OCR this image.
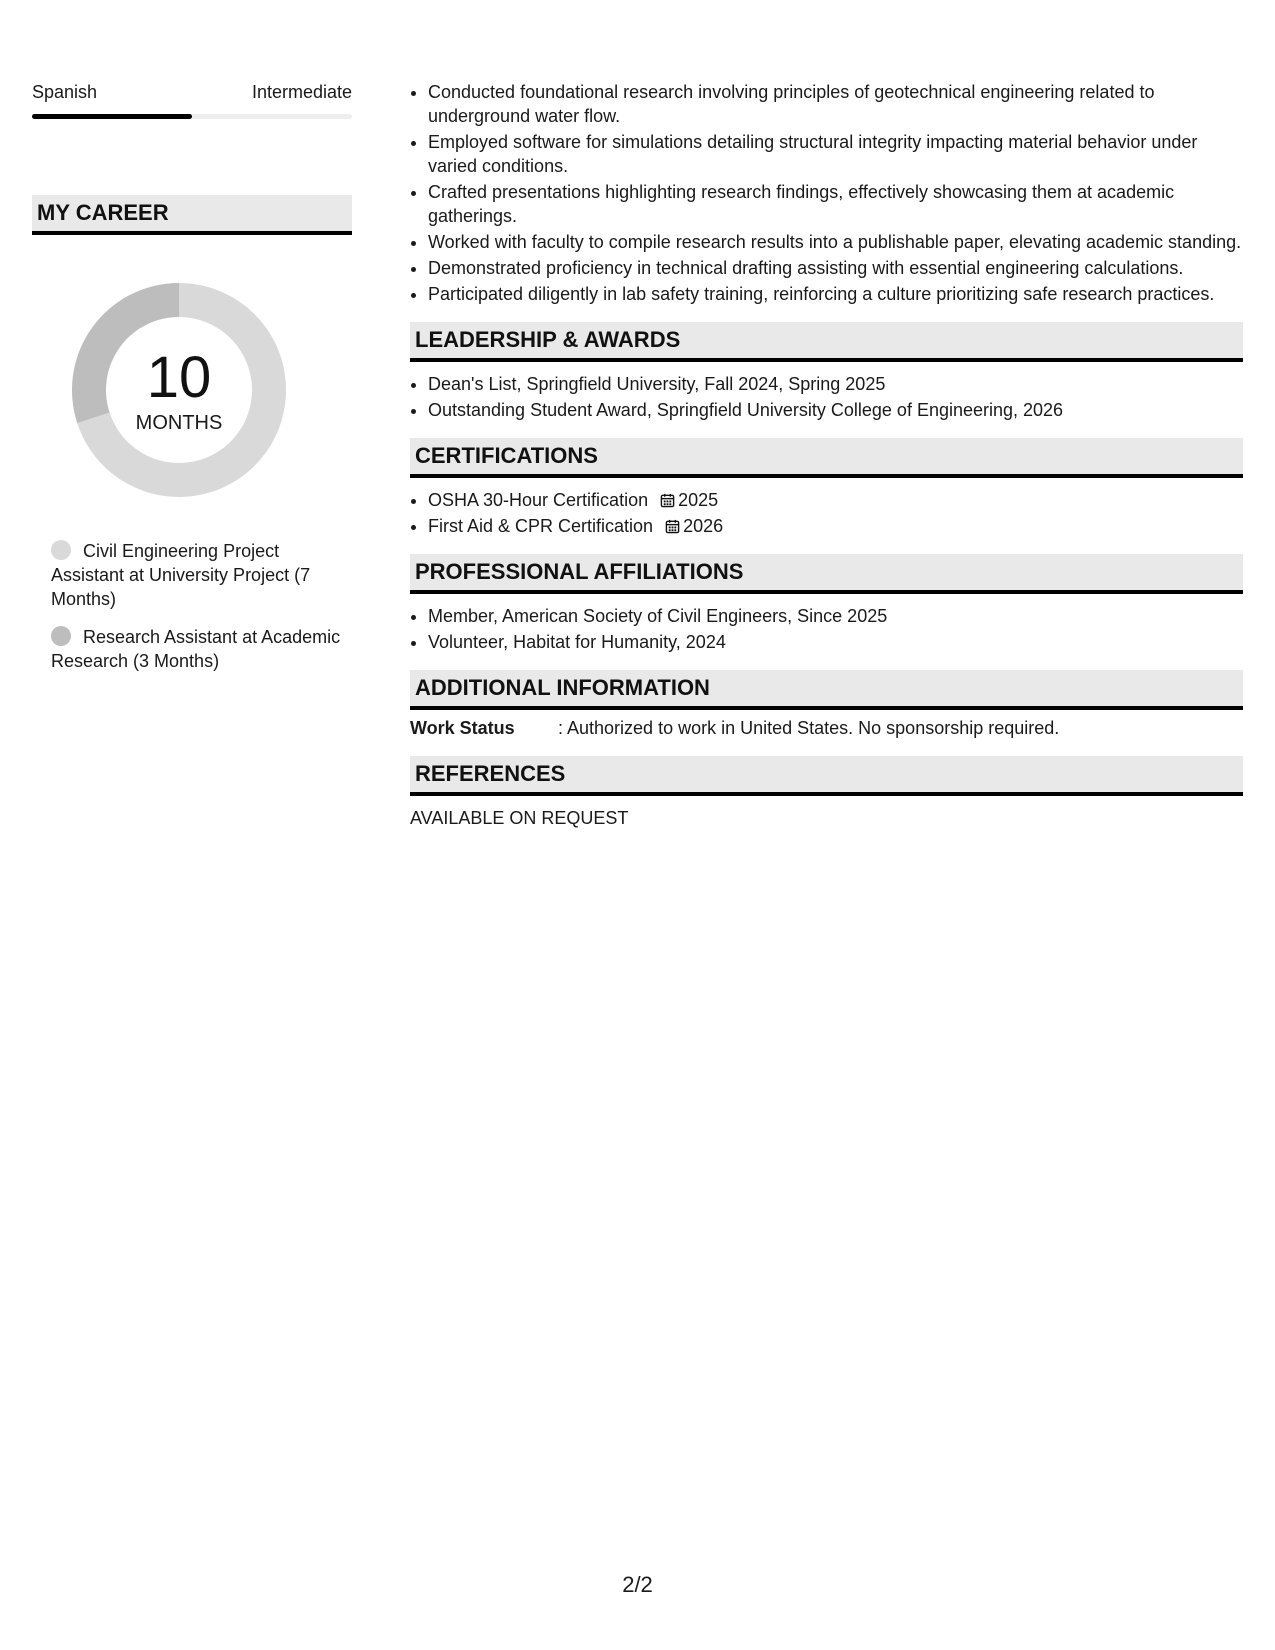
Spanish	Intermediate
MY CAREER
10
MONTHS
Civil Engineering Project Assistant at University Project (7 Months)
Research Assistant at Academic Research (3 Months)
• Conducted foundational research involving principles of geotechnical engineering related to underground water flow.
• Employed software for simulations detailing structural integrity impacting material behavior under varied conditions.
• Crafted presentations highlighting research findings, effectively showcasing them at academic gatherings.
• Worked with faculty to compile research results into a publishable paper, elevating academic standing.
• Demonstrated proficiency in technical drafting assisting with essential engineering calculations.
• Participated diligently in lab safety training, reinforcing a culture prioritizing safe research practices.
LEADERSHIP & AWARDS
• Dean's List, Springfield University, Fall 2024, Spring 2025
• Outstanding Student Award, Springfield University College of Engineering, 2026
CERTIFICATIONS
• OSHA 30-Hour Certification 2025
• First Aid & CPR Certification 2026
PROFESSIONAL AFFILIATIONS
• Member, American Society of Civil Engineers, Since 2025
• Volunteer, Habitat for Humanity, 2024
ADDITIONAL INFORMATION
Work Status	: Authorized to work in United States. No sponsorship required.
REFERENCES
AVAILABLE ON REQUEST
2/2
